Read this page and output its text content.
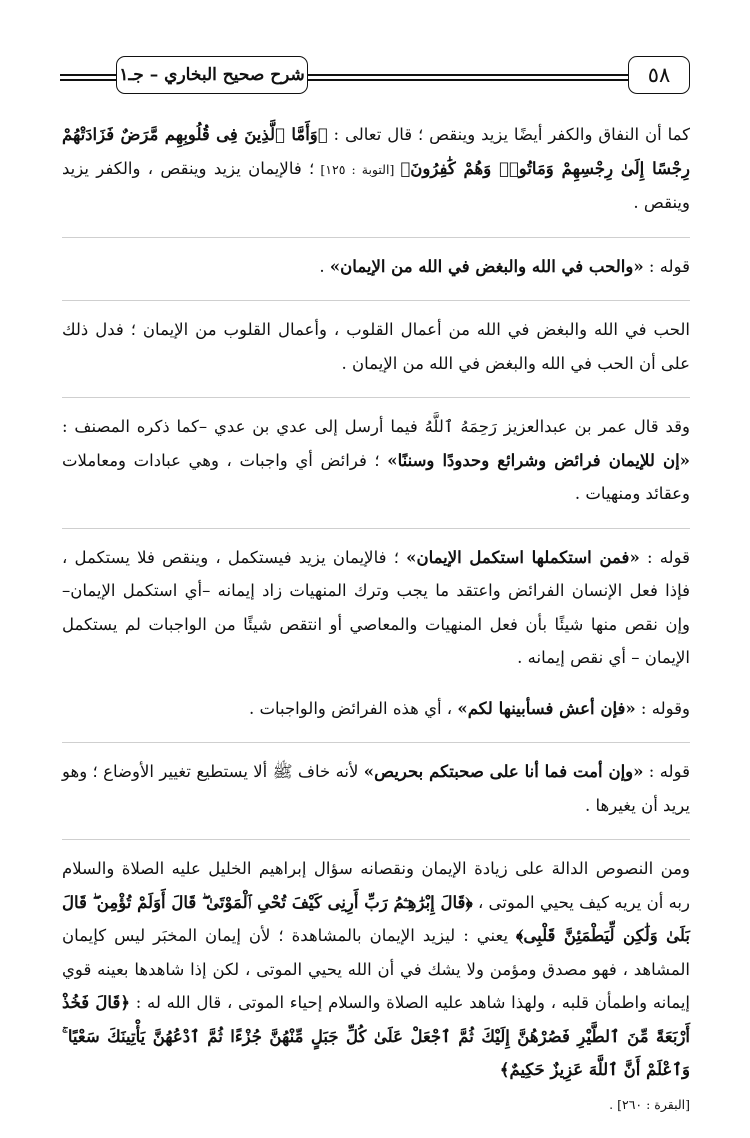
٥٨
شرح صحيح البخاري – جـ١

كما أن النفاق والكفر أيضًا يزيد وينقص ؛ قال تعالى : ﴿وَأَمَّا ٱلَّذِينَ فِى قُلُوبِهِم مَّرَضٌ فَزَادَتْهُمْ رِجْسًا إِلَىٰ رِجْسِهِمْ وَمَاتُوا۟ وَهُمْ كَٰفِرُونَ﴾ [التوبة : ١٢٥] ؛ فالإيمان يزيد وينقص ، والكفر يزيد وينقص .

قوله : «والحب في الله والبغض في الله من الإيمان» .

الحب في الله والبغض في الله من أعمال القلوب ، وأعمال القلوب من الإيمان ؛ فدل ذلك على أن الحب في الله والبغض في الله من الإيمان .

وقد قال عمر بن عبدالعزيز رَحِمَهُ ٱللَّهُ فيما أرسل إلى عدي بن عدي –كما ذكره المصنف : «إن للإيمان فرائض وشرائع وحدودًا وسننًا» ؛ فرائض أي واجبات ، وهي عبادات ومعاملات وعقائد ومنهيات .

قوله : «فمن استكملها استكمل الإيمان» ؛ فالإيمان يزيد فيستكمل ، وينقص فلا يستكمل ، فإذا فعل الإنسان الفرائض واعتقد ما يجب وترك المنهيات زاد إيمانه –أي استكمل الإيمان– وإن نقص منها شيئًا بأن فعل المنهيات والمعاصي أو انتقص شيئًا من الواجبات لم يستكمل الإيمان – أي نقص إيمانه .

وقوله : «فإن أعش فسأبينها لكم» ، أي هذه الفرائض والواجبات .

قوله : «وإن أمت فما أنا على صحبتكم بحريص» لأنه خاف ﷺ ألا يستطيع تغيير الأوضاع ؛ وهو يريد أن يغيرها .

ومن النصوص الدالة على زيادة الإيمان ونقصانه سؤال إبراهيم الخليل عليه الصلاة والسلام ربه أن يريه كيف يحيي الموتى ، ﴿قَالَ إِبْرَٰهِـۧمُ رَبِّ أَرِنِى كَيْفَ تُحْىِ ٱلْمَوْتَىٰ ۖ قَالَ أَوَلَمْ تُؤْمِن ۖ قَالَ بَلَىٰ وَلَٰكِن لِّيَطْمَئِنَّ قَلْبِى﴾ يعني : ليزيد الإيمان بالمشاهدة ؛ لأن إيمان المخبَر ليس كإيمان المشاهد ، فهو مصدق ومؤمن ولا يشك في أن الله يحيي الموتى ، لكن إذا شاهدها بعينه قوي إيمانه واطمأن قلبه ، ولهذا شاهد عليه الصلاة والسلام إحياء الموتى ، قال الله له : ﴿قَالَ فَخُذْ أَرْبَعَةً مِّنَ ٱلطَّيْرِ فَصُرْهُنَّ إِلَيْكَ ثُمَّ ٱجْعَلْ عَلَىٰ كُلِّ جَبَلٍ مِّنْهُنَّ جُزْءًا ثُمَّ ٱدْعُهُنَّ يَأْتِينَكَ سَعْيًا ۚ وَٱعْلَمْ أَنَّ ٱللَّهَ عَزِيزٌ حَكِيمٌ﴾
[البقرة : ٢٦٠] .
